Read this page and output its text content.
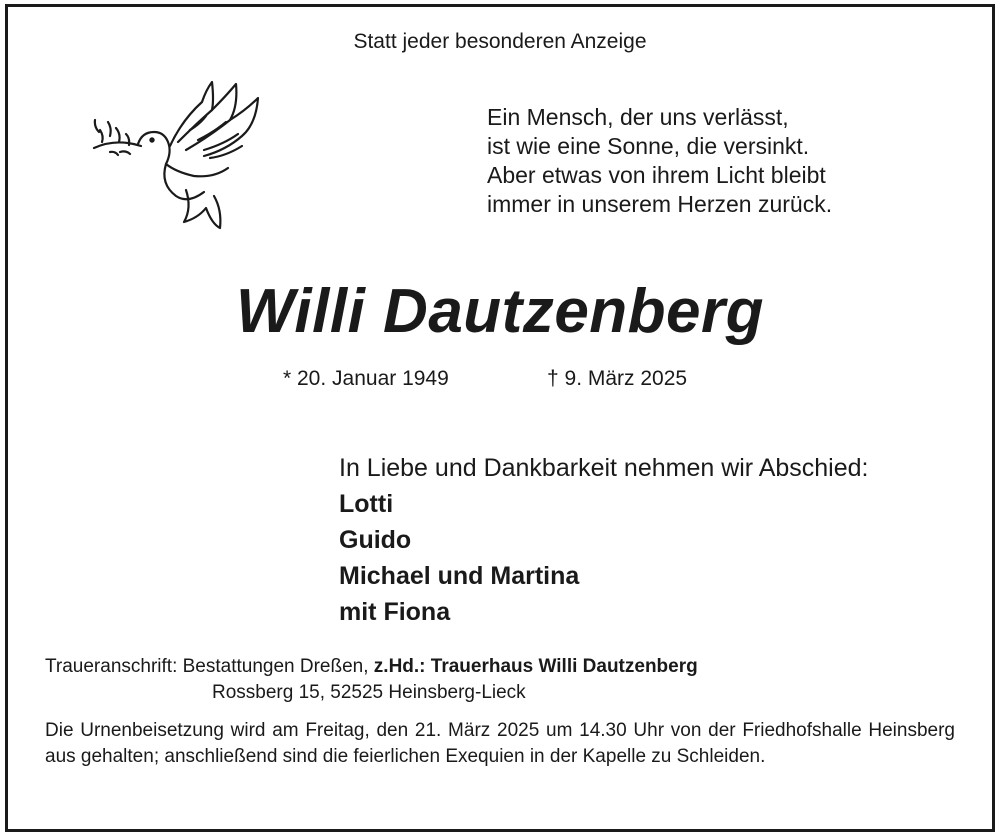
Statt jeder besonderen Anzeige
Ein Mensch, der uns verlässt,
ist wie eine Sonne, die versinkt.
Aber etwas von ihrem Licht bleibt
immer in unserem Herzen zurück.
Willi Dautzenberg
* 20. Januar 1949	† 9. März 2025
In Liebe und Dankbarkeit nehmen wir Abschied:
Lotti
Guido
Michael und Martina
mit Fiona
Traueranschrift: Bestattungen Dreßen, z.Hd.: Trauerhaus Willi Dautzenberg
Rossberg 15, 52525 Heinsberg-Lieck
Die Urnenbeisetzung wird am Freitag, den 21. März 2025 um 14.30 Uhr von der Friedhofshalle Heinsberg aus gehalten; anschließend sind die feierlichen Exequien in der Kapelle zu Schleiden.
